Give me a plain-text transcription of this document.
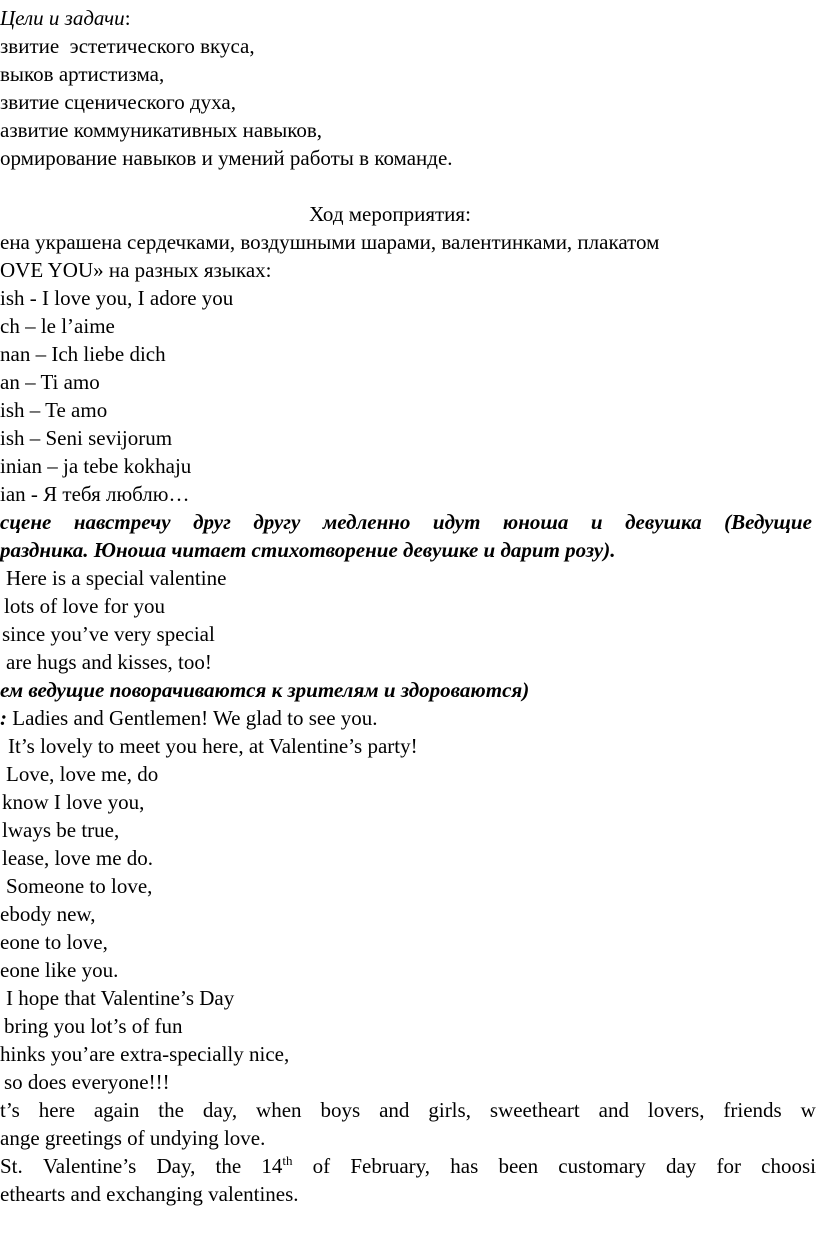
Цели и задачи:
звитие  эстетического вкуса,
выков артистизма,
звитие сценического духа,
азвитие коммуникативных навыков,
ормирование навыков и умений работы в команде.
Ход мероприятия:
ена украшена сердечками, воздушными шарами, валентинками, плакатом
OVE YOU» на разных языках:
ish - I love you, I adore you
ch – le l’aime
nan – Ich liebe dich
an – Ti amo
ish – Te amo
ish – Seni sevijorum
inian – ja tebe kokhaju
ian - Я тебя люблю…
сцене навстречу друг другу медленно идут юноша и девушка (Ведущие
раздника. Юноша читает стихотворение девушке и дарит розу).
Here is a special valentine
lots of love for you
since you’ve very special
are hugs and kisses, too!
ем ведущие поворачиваются к зрителям и здороваются)
: Ladies and Gentlemen! We glad to see you.
It’s lovely to meet you here, at Valentine’s party!
Love, love me, do
know I love you,
lways be true,
lease, love me do.
Someone to love,
ebody new,
eone to love,
eone like you.
I hope that Valentine’s Day
bring you lot’s of fun
hinks you’are extra-specially nice,
so does everyone!!!
t’s here again the day, when boys and girls, sweetheart and lovers, friends w
ange greetings of undying love.
St. Valentine’s Day, the 14th of February, has been customary day for choosi
ethearts and exchanging valentines.
